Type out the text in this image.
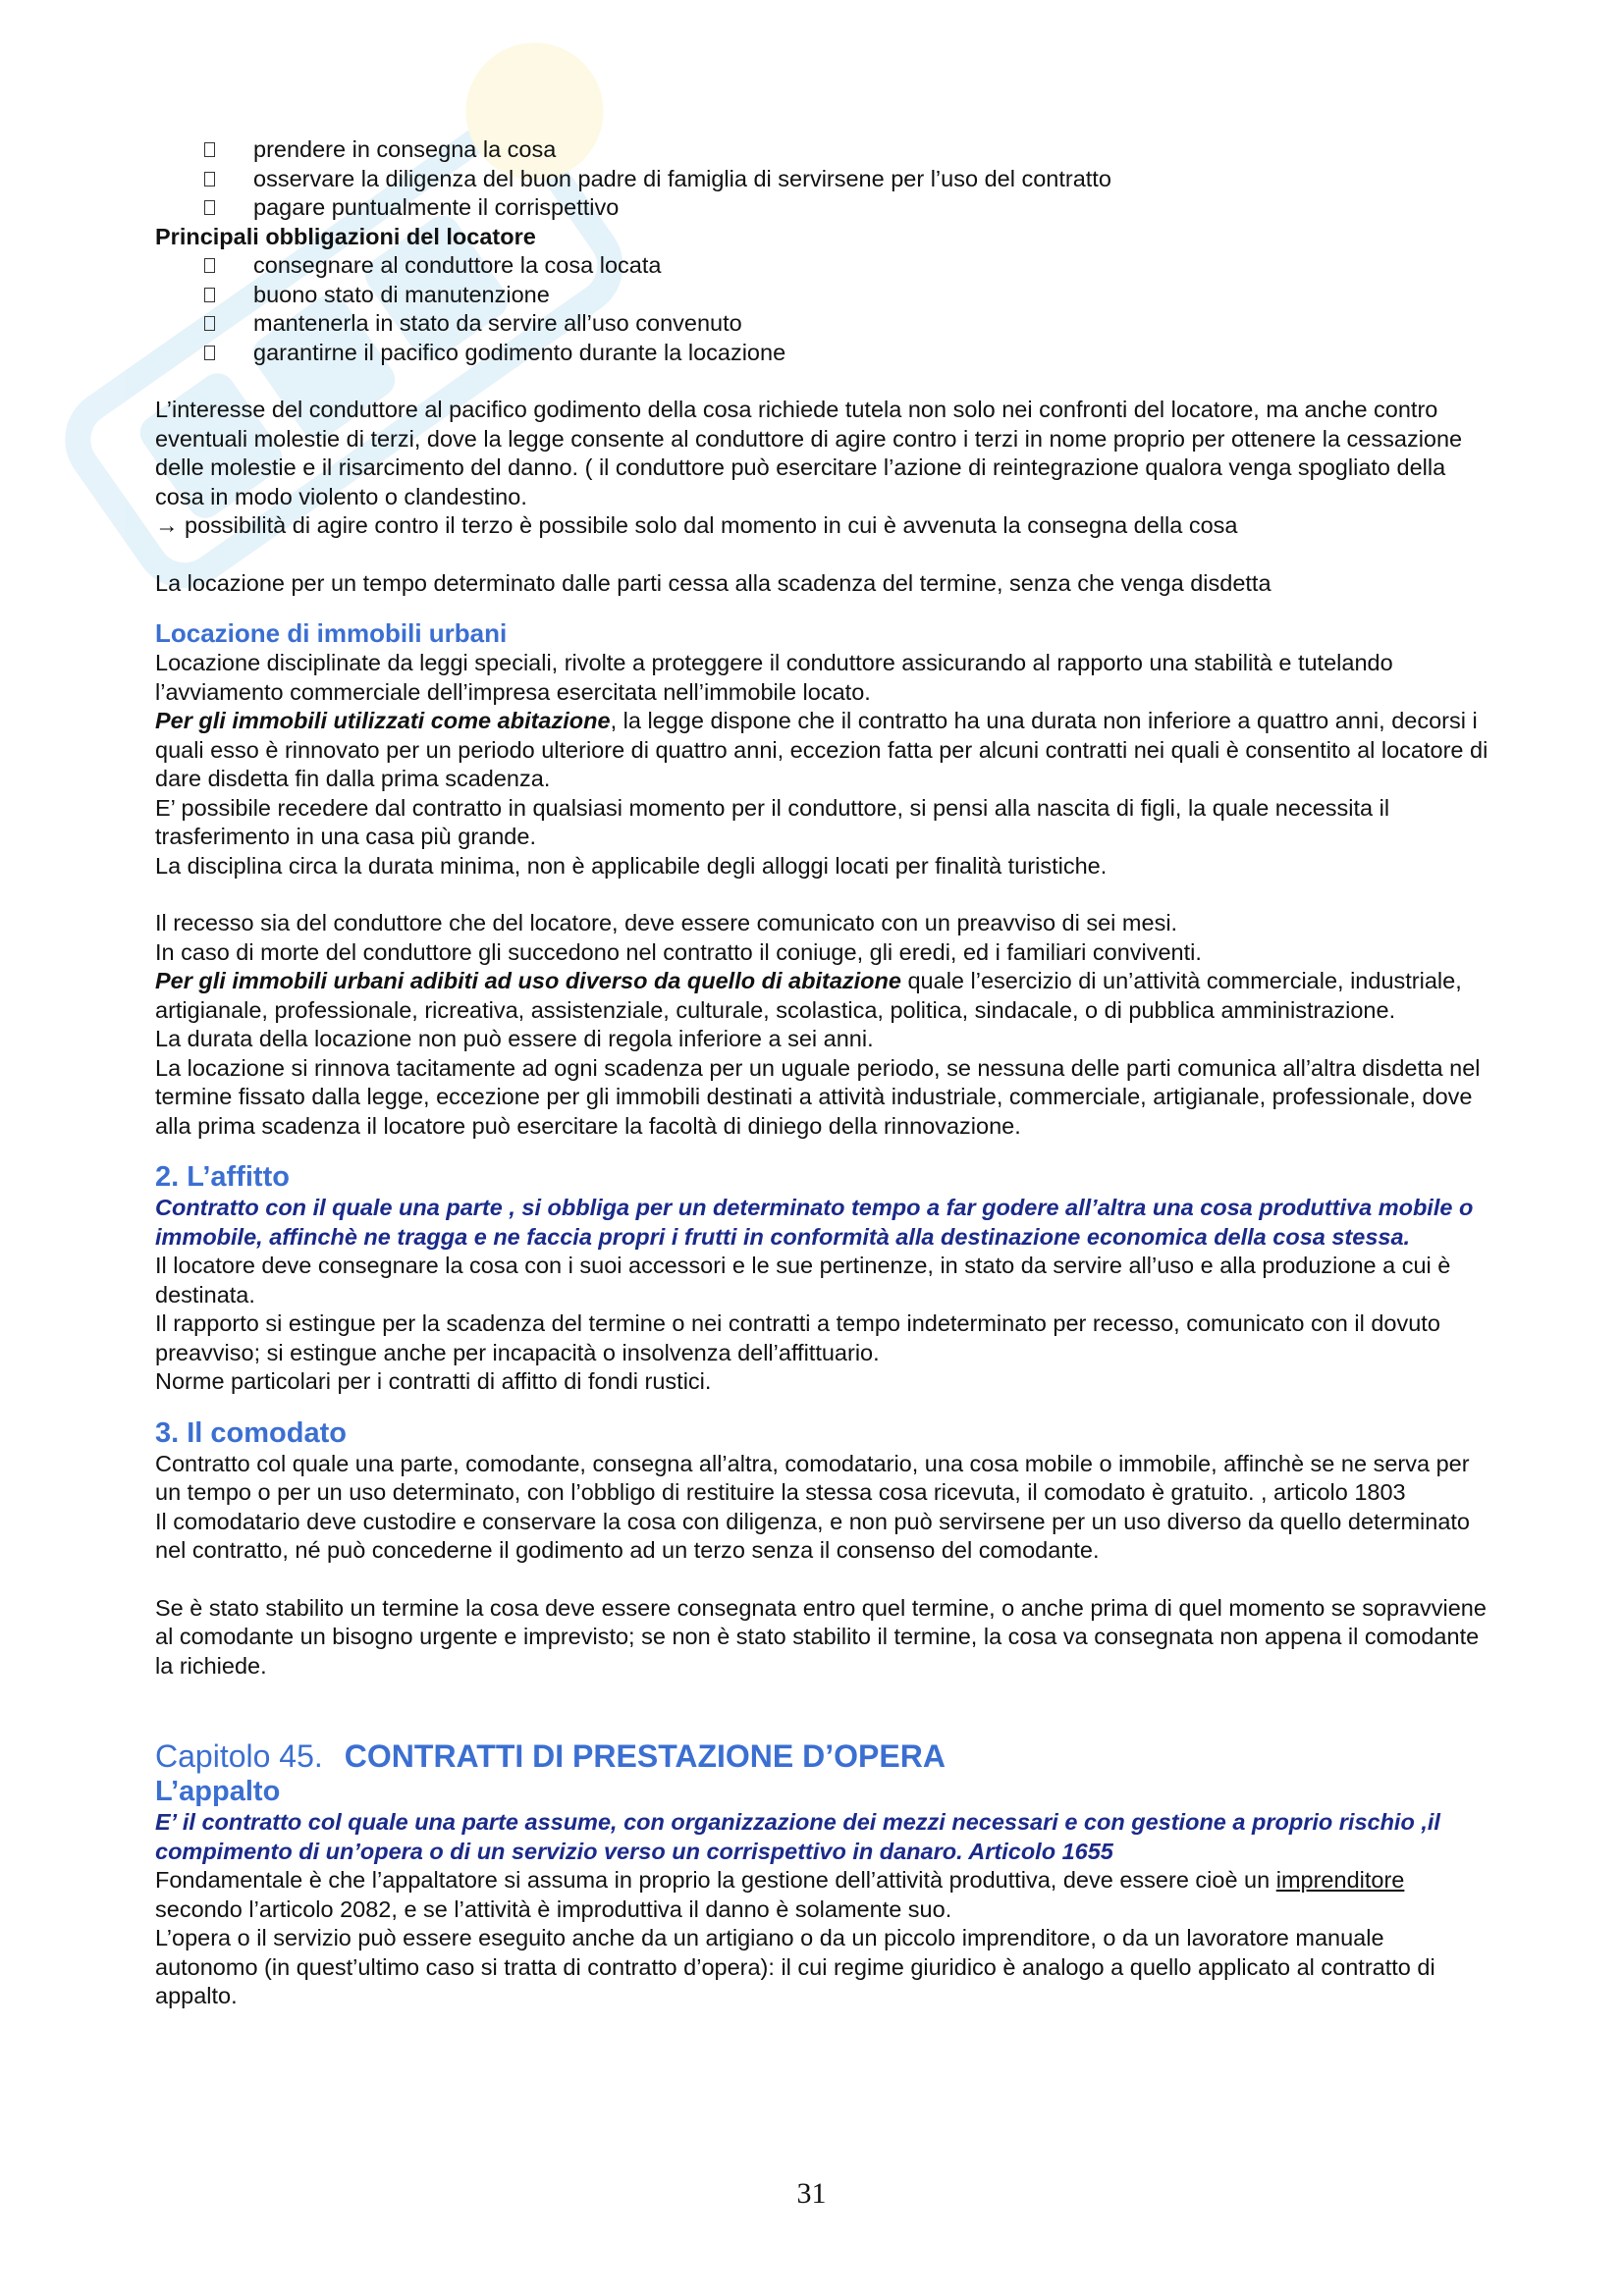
prendere in consegna la cosa

osservare la diligenza del buon padre di famiglia di servirsene per l’uso del contratto

pagare puntualmente il corrispettivo

Principali obbligazioni del locatore

consegnare al conduttore la cosa locata

buono stato di manutenzione

mantenerla in stato da servire all’uso convenuto

garantirne il pacifico godimento durante la locazione

L’interesse del conduttore al pacifico godimento della cosa richiede tutela non solo nei confronti del locatore, ma anche contro eventuali molestie di terzi, dove la legge consente al conduttore di agire contro i terzi in nome proprio per ottenere la cessazione delle molestie e il risarcimento del danno. ( il conduttore può esercitare l’azione di reintegrazione qualora venga spogliato della cosa in modo violento o clandestino.

→ possibilità di agire contro il terzo è possibile solo dal momento in cui è avvenuta la consegna della cosa

La locazione per un tempo determinato dalle parti cessa alla scadenza del termine, senza che venga disdetta

Locazione di immobili urbani

Locazione disciplinate da leggi speciali, rivolte a proteggere il conduttore assicurando al rapporto una stabilità e tutelando l’avviamento commerciale dell’impresa esercitata nell’immobile locato.

Per gli immobili utilizzati come abitazione, la legge dispone che il contratto ha una durata non inferiore a quattro anni, decorsi i quali esso è rinnovato per un periodo ulteriore di quattro anni, eccezion fatta per alcuni contratti nei quali è consentito al locatore di dare disdetta fin dalla prima scadenza.

E’ possibile recedere dal contratto in qualsiasi momento per il conduttore, si pensi alla nascita di figli, la quale necessita il trasferimento in una casa più grande.

La disciplina circa la durata minima, non è applicabile degli alloggi locati per finalità turistiche.

Il recesso sia del conduttore che del locatore, deve essere comunicato con un preavviso di sei mesi.

In caso di morte del conduttore gli succedono nel contratto il coniuge, gli eredi, ed i familiari conviventi.

Per gli immobili urbani adibiti ad uso diverso da quello di abitazione quale l’esercizio di un’attività commerciale, industriale, artigianale, professionale, ricreativa, assistenziale, culturale, scolastica, politica, sindacale, o di pubblica amministrazione.

La durata della locazione non può essere di regola inferiore a sei anni.

La locazione si rinnova tacitamente ad ogni scadenza per un uguale periodo, se nessuna delle parti comunica all’altra disdetta nel termine fissato dalla legge, eccezione per gli immobili destinati a attività industriale, commerciale, artigianale, professionale, dove alla prima scadenza il locatore può esercitare la facoltà di diniego della rinnovazione.

2. L’affitto

Contratto con il quale una parte , si obbliga per un determinato tempo a far godere all’altra una cosa produttiva mobile o immobile, affinchè ne tragga e ne faccia propri i frutti in conformità alla destinazione economica della cosa stessa.

Il locatore deve consegnare la cosa con i suoi accessori e le sue pertinenze, in stato da servire all’uso e alla produzione a cui è destinata.

Il rapporto si estingue per la scadenza del termine o nei contratti a tempo indeterminato per recesso, comunicato con il dovuto preavviso; si estingue anche per incapacità o insolvenza dell’affittuario.

Norme particolari per i contratti di affitto di fondi rustici.

3. Il comodato

Contratto col quale una parte, comodante, consegna all’altra, comodatario, una cosa mobile o immobile, affinchè se ne serva per un tempo o per un uso determinato, con l’obbligo di restituire la stessa cosa ricevuta, il comodato è gratuito. , articolo 1803

Il comodatario deve custodire e conservare la cosa con diligenza, e non può servirsene per un uso diverso da quello determinato nel contratto, né può concederne il godimento ad un terzo senza il consenso del comodante.

Se è stato stabilito un termine la cosa deve essere consegnata entro quel termine, o anche prima di quel momento se sopravviene al comodante un bisogno urgente e imprevisto; se non è stato stabilito il termine, la cosa va consegnata non appena il comodante la richiede.

Capitolo 45. CONTRATTI DI PRESTAZIONE D’OPERA

L’appalto

E’ il contratto col quale una parte assume, con organizzazione dei mezzi necessari e con gestione a proprio rischio ,il compimento di un’opera o di un servizio verso un corrispettivo in danaro. Articolo 1655

Fondamentale è che l’appaltatore si assuma in proprio la gestione dell’attività produttiva, deve essere cioè un imprenditore secondo l’articolo 2082, e se l’attività è improduttiva il danno è solamente suo.

L’opera o il servizio può essere eseguito anche da un artigiano o da un piccolo imprenditore, o da un lavoratore manuale autonomo (in quest’ultimo caso si tratta di contratto d’opera): il cui regime giuridico è analogo a quello applicato al contratto di appalto.

31
